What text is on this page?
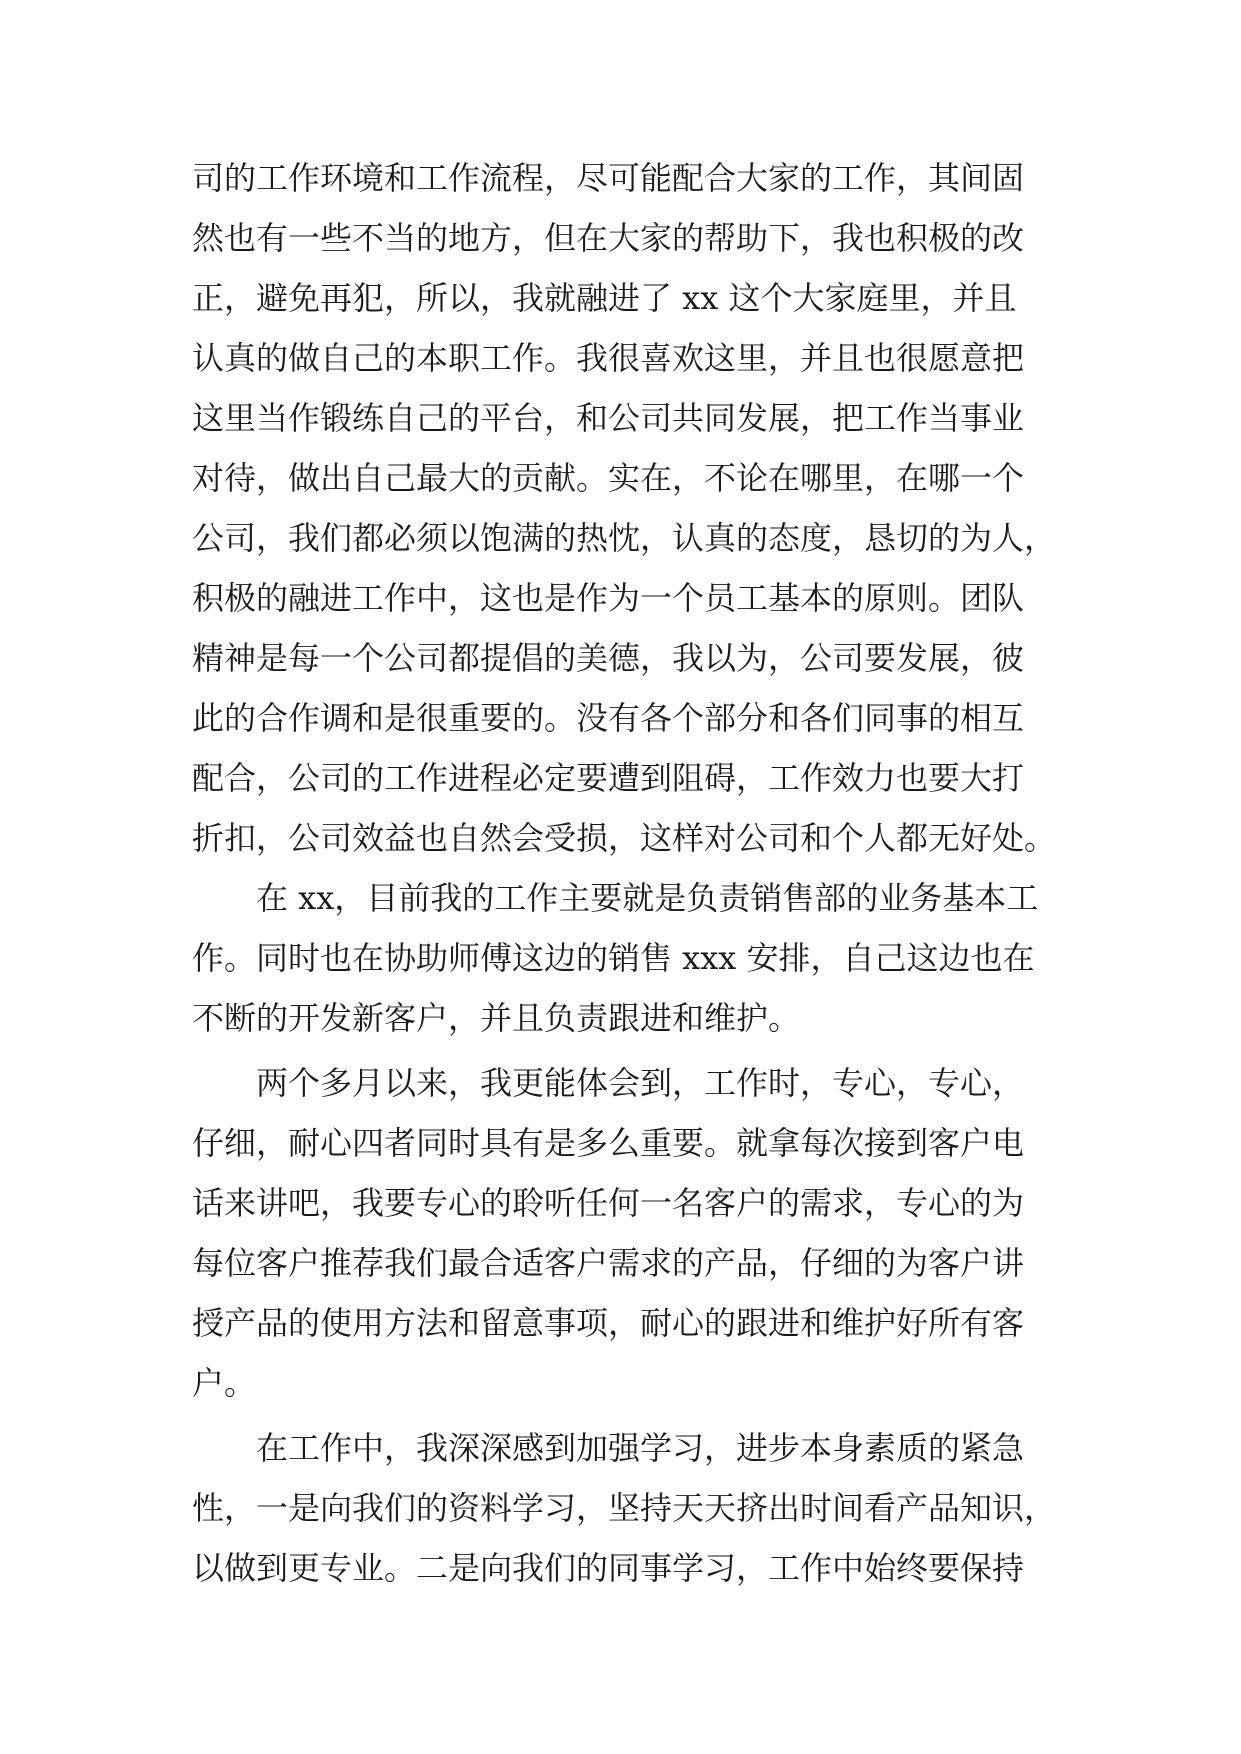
司的工作环境和工作流程，尽可能配合大家的工作，其间固
然也有一些不当的地方，但在大家的帮助下，我也积极的改
正，避免再犯，所以，我就融进了 xx 这个大家庭里，并且
认真的做自己的本职工作。我很喜欢这里，并且也很愿意把
这里当作锻练自己的平台，和公司共同发展，把工作当事业
对待，做出自己最大的贡献。实在，不论在哪里，在哪一个
公司，我们都必须以饱满的热忱，认真的态度，恳切的为人，
积极的融进工作中，这也是作为一个员工基本的原则。团队
精神是每一个公司都提倡的美德，我以为，公司要发展，彼
此的合作调和是很重要的。没有各个部分和各们同事的相互
配合，公司的工作进程必定要遭到阻碍，工作效力也要大打
折扣，公司效益也自然会受损，这样对公司和个人都无好处。
在 xx，目前我的工作主要就是负责销售部的业务基本工
作。同时也在协助师傅这边的销售 xxx 安排，自己这边也在
不断的开发新客户，并且负责跟进和维护。
两个多月以来，我更能体会到，工作时，专心，专心，
仔细，耐心四者同时具有是多么重要。就拿每次接到客户电
话来讲吧，我要专心的聆听任何一名客户的需求，专心的为
每位客户推荐我们最合适客户需求的产品，仔细的为客户讲
授产品的使用方法和留意事项，耐心的跟进和维护好所有客
户。
在工作中，我深深感到加强学习，进步本身素质的紧急
性，一是向我们的资料学习，坚持天天挤出时间看产品知识，
以做到更专业。二是向我们的同事学习，工作中始终要保持
